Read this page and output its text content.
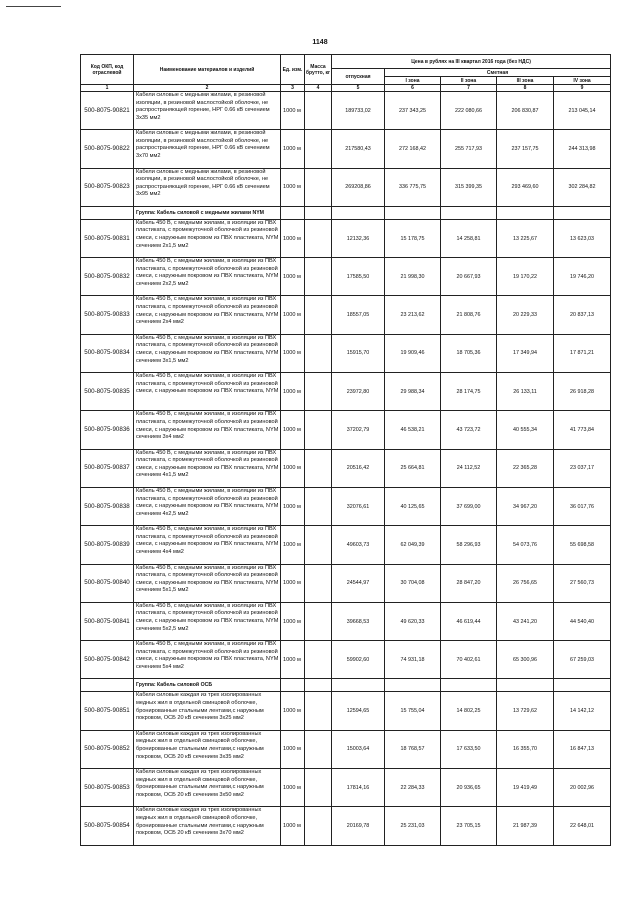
1148
Код ОКП, код отраслевой	Наименование материалов и изделий	Ед. изм.	Масса брутто, кг	Цена в рублях на III квартал 2016 года (без НДС)				
				отпускная	Сметная			
					I зона	II зона	III зона	IV зона
1	2	3	4	5	6	7	8	9
500-8075-90821	Кабели силовые с медными жилами, в резиновой изоляции, в резиновой маслостойкой оболочке, не распространяющей горение, НРГ 0.66 кВ сечением 3х35 мм2	1000 м		189733,02	237 343,25	222 080,66	206 830,87	213 045,14
500-8075-90822	Кабели силовые с медными жилами, в резиновой изоляции, в резиновой маслостойкой оболочке, не распространяющей горение, НРГ 0.66 кВ сечением 3х70 мм2	1000 м		217580,43	272 168,42	255 717,93	237 157,75	244 313,98
500-8075-90823	Кабели силовые с медными жилами, в резиновой изоляции, в резиновой маслостойкой оболочке, не распространяющей горение, НРГ 0.66 кВ сечением 3х95 мм2	1000 м		269208,86	336 775,75	315 399,35	293 469,60	302 284,82
	Группа: Кабель силовой с медными жилами NYM							
500-8075-90831	Кабель 450 В, с медными жилами, в изоляции из ПВХ пластиката, с промежуточной оболочкой из резиновой смеси, с наружным покровом из ПВХ пластиката, NYM сечением 2х1,5 мм2	1000 м		12132,36	15 178,75	14 258,81	13 225,67	13 623,03
500-8075-90832	Кабель 450 В, с медными жилами, в изоляции из ПВХ пластиката, с промежуточной оболочкой из резиновой смеси, с наружным покровом из ПВХ пластиката, NYM сечением 2х2,5 мм2	1000 м		17585,50	21 998,30	20 667,93	19 170,22	19 746,20
500-8075-90833	Кабель 450 В, с медными жилами, в изоляции из ПВХ пластиката, с промежуточной оболочкой из резиновой смеси, с наружным покровом из ПВХ пластиката, NYM сечением 2х4 мм2	1000 м		18557,05	23 213,62	21 808,76	20 229,33	20 837,13
500-8075-90834	Кабель 450 В, с медными жилами, в изоляции из ПВХ пластиката, с промежуточной оболочкой из резиновой смеси, с наружным покровом из ПВХ пластиката, NYM сечением 3х1,5 мм2	1000 м		15915,70	19 909,46	18 705,36	17 349,94	17 871,21
500-8075-90835	Кабель 450 В, с медными жилами, в изоляции из ПВХ пластиката, с промежуточной оболочкой из резиновой смеси, с наружным покровом из ПВХ пластиката, NYM	1000 м		23972,80	29 988,34	28 174,75	26 133,11	26 918,28
500-8075-90836	Кабель 450 В, с медными жилами, в изоляции из ПВХ пластиката, с промежуточной оболочкой из резиновой смеси, с наружным покровом из ПВХ пластиката, NYM сечением 3х4 мм2	1000 м		37202,79	46 538,21	43 723,72	40 555,34	41 773,84
500-8075-90837	Кабель 450 В, с медными жилами, в изоляции из ПВХ пластиката, с промежуточной оболочкой из резиновой смеси, с наружным покровом из ПВХ пластиката, NYM сечением 4х1,5 мм2	1000 м		20516,42	25 664,81	24 112,52	22 365,28	23 037,17
500-8075-90838	Кабель 450 В, с медными жилами, в изоляции из ПВХ пластиката, с промежуточной оболочкой из резиновой смеси, с наружным покровом из ПВХ пластиката, NYM сечением 4х2,5 мм2	1000 м		32076,61	40 125,65	37 699,00	34 967,20	36 017,76
500-8075-90839	Кабель 450 В, с медными жилами, в изоляции из ПВХ пластиката, с промежуточной оболочкой из резиновой смеси, с наружным покровом из ПВХ пластиката, NYM сечением 4х4 мм2	1000 м		49603,73	62 049,39	58 296,93	54 073,76	55 698,58
500-8075-90840	Кабель 450 В, с медными жилами, в изоляции из ПВХ пластиката, с промежуточной оболочкой из резиновой смеси, с наружным покровом из ПВХ пластиката, NYM сечением 5х1,5 мм2	1000 м		24544,97	30 704,08	28 847,20	26 756,65	27 560,73
500-8075-90841	Кабель 450 В, с медными жилами, в изоляции из ПВХ пластиката, с промежуточной оболочкой из резиновой смеси, с наружным покровом из ПВХ пластиката, NYM сечением 5х2,5 мм2	1000 м		39668,53	49 620,33	46 619,44	43 241,20	44 540,40
500-8075-90842	Кабель 450 В, с медными жилами, в изоляции из ПВХ пластиката, с промежуточной оболочкой из резиновой смеси, с наружным покровом из ПВХ пластиката, NYM сечением 5х4 мм2	1000 м		59902,60	74 931,18	70 402,61	65 300,96	67 259,03
	Группа: Кабель силовой ОСБ							
500-8075-90851	Кабели силовые каждая из трех изолированных медных жил в отдельной свинцовой оболочке, бронированные стальными лентами,с наружным покровом, ОСБ 20 кВ сечением 3х25 мм2	1000 м		12594,65	15 755,04	14 802,25	13 729,62	14 142,12
500-8075-90852	Кабели силовые каждая из трех изолированных медных жил в отдельной свинцовой оболочке, бронированные стальными лентами,с наружным покровом, ОСБ 20 кВ сечением 3х35 мм2	1000 м		15003,64	18 768,57	17 633,50	16 355,70	16 847,13
500-8075-90853	Кабели силовые каждая из трех изолированных медных жил в отдельной свинцовой оболочке, бронированные стальными лентами,с наружным покровом, ОСБ 20 кВ сечением 3х50 мм2	1000 м		17814,16	22 284,33	20 936,65	19 419,49	20 002,96
500-8075-90854	Кабели силовые каждая из трех изолированных медных жил в отдельной свинцовой оболочке, бронированные стальными лентами,с наружным покровом, ОСБ 20 кВ сечением 3х70 мм2	1000 м		20169,78	25 231,03	23 705,15	21 987,39	22 648,01
